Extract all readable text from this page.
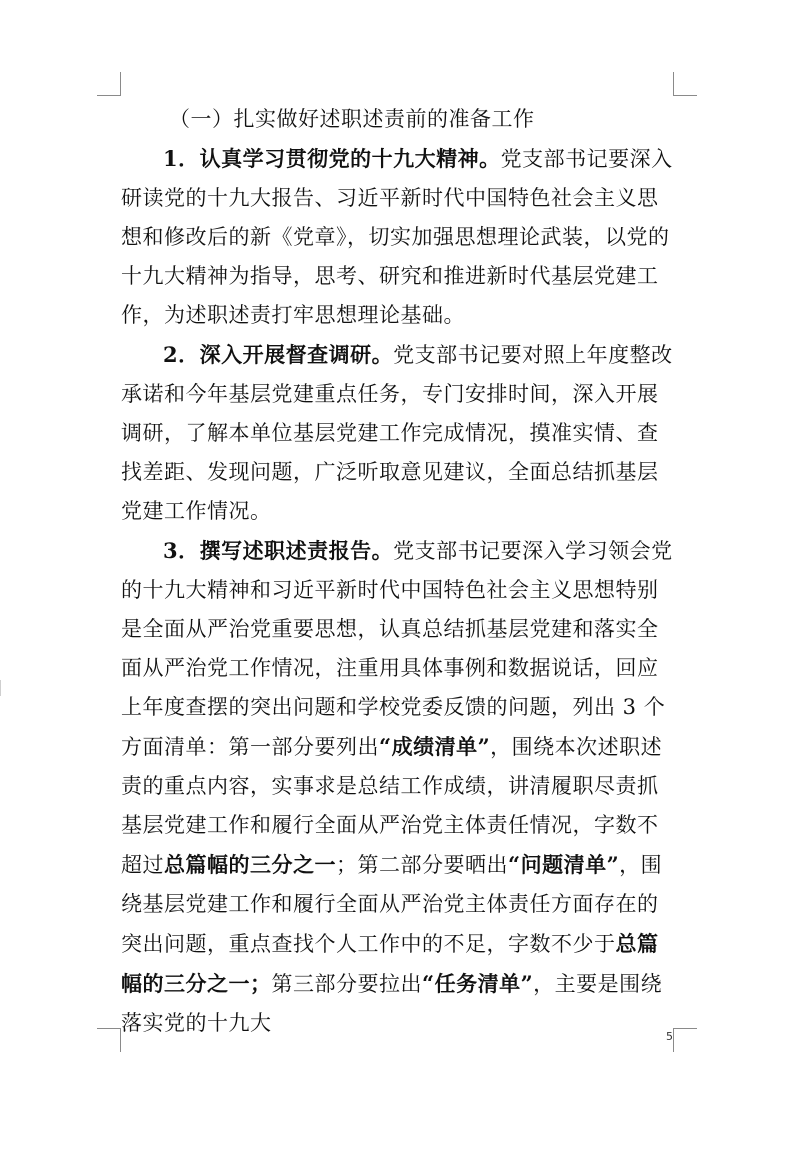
（一）扎实做好述职述责前的准备工作

1．认真学习贯彻党的十九大精神。党支部书记要深入研读党的十九大报告、习近平新时代中国特色社会主义思想和修改后的新《党章》，切实加强思想理论武装，以党的十九大精神为指导，思考、研究和推进新时代基层党建工作，为述职述责打牢思想理论基础。

2．深入开展督查调研。党支部书记要对照上年度整改承诺和今年基层党建重点任务，专门安排时间，深入开展调研，了解本单位基层党建工作完成情况，摸准实情、查找差距、发现问题，广泛听取意见建议，全面总结抓基层党建工作情况。

3．撰写述职述责报告。党支部书记要深入学习领会党的十九大精神和习近平新时代中国特色社会主义思想特别是全面从严治党重要思想，认真总结抓基层党建和落实全面从严治党工作情况，注重用具体事例和数据说话，回应上年度查摆的突出问题和学校党委反馈的问题，列出 3 个方面清单：第一部分要列出“成绩清单”，围绕本次述职述责的重点内容，实事求是总结工作成绩，讲清履职尽责抓基层党建工作和履行全面从严治党主体责任情况，字数不超过总篇幅的三分之一；第二部分要晒出“问题清单”，围绕基层党建工作和履行全面从严治党主体责任方面存在的突出问题，重点查找个人工作中的不足，字数不少于总篇幅的三分之一；第三部分要拉出“任务清单”，主要是围绕落实党的十九大

5
